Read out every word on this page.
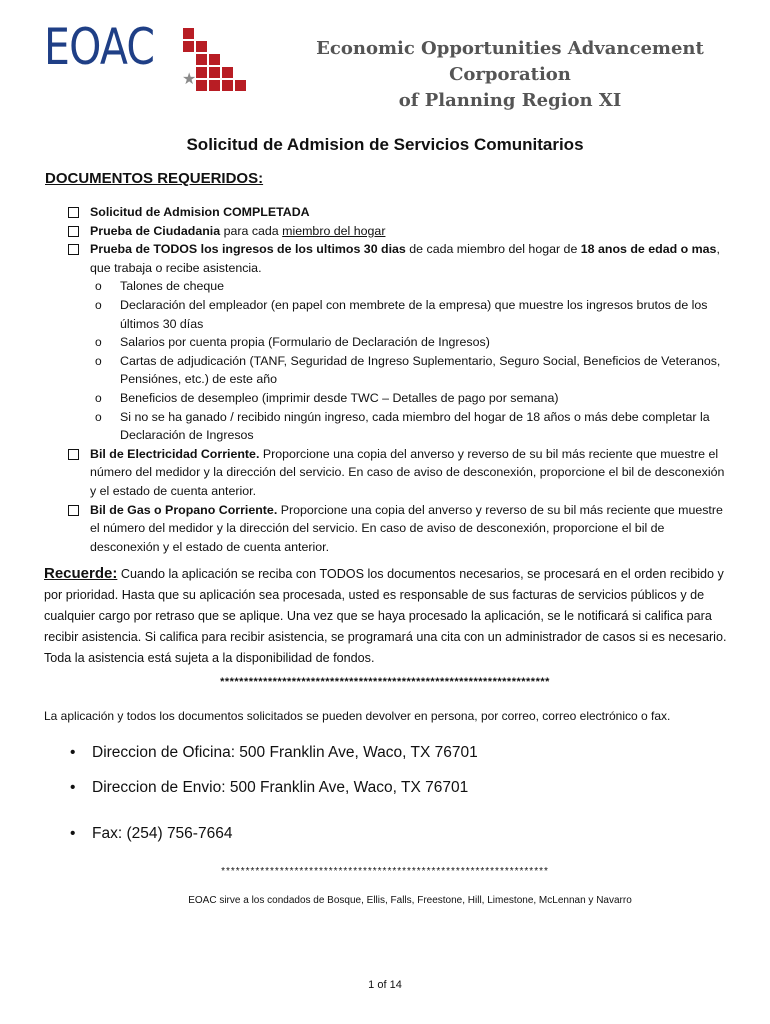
EOAC
★
Economic Opportunities Advancement Corporation
of Planning Region XI
Solicitud de Admision de Servicios Comunitarios
DOCUMENTOS REQUERIDOS:
Solicitud de Admision COMPLETADA
Prueba de Ciudadania para cada miembro del hogar
Prueba de TODOS los ingresos de los ultimos 30 dias de cada miembro del hogar de 18 anos de edad o mas, que trabaja o recibe asistencia.
o Talones de cheque
o Declaración del empleador (en papel con membrete de la empresa) que muestre los ingresos brutos de los últimos 30 días
o Salarios por cuenta propia (Formulario de Declaración de Ingresos)
o Cartas de adjudicación (TANF, Seguridad de Ingreso Suplementario, Seguro Social, Beneficios de Veteranos, Pensiónes, etc.) de este año
o Beneficios de desempleo (imprimir desde TWC – Detalles de pago por semana)
o Si no se ha ganado / recibido ningún ingreso, cada miembro del hogar de 18 años o más debe completar la Declaración de Ingresos
Bil de Electricidad Corriente. Proporcione una copia del anverso y reverso de su bil más reciente que muestre el número del medidor y la dirección del servicio. En caso de aviso de desconexión, proporcione el bil de desconexión y el estado de cuenta anterior.
Bil de Gas o Propano Corriente. Proporcione una copia del anverso y reverso de su bil más reciente que muestre el número del medidor y la dirección del servicio. En caso de aviso de desconexión, proporcione el bil de desconexión y el estado de cuenta anterior.
Recuerde: Cuando la aplicación se reciba con TODOS los documentos necesarios, se procesará en el orden recibido y por prioridad. Hasta que su aplicación sea procesada, usted es responsable de sus facturas de servicios públicos y de cualquier cargo por retraso que se aplique. Una vez que se haya procesado la aplicación, se le notificará si califica para recibir asistencia. Si califica para recibir asistencia, se programará una cita con un administrador de casos si es necesario. Toda la asistencia está sujeta a la disponibilidad de fondos.
*********************************************************************
La aplicación y todos los documentos solicitados se pueden devolver en persona, por correo, correo electrónico o fax.
• Direccion de Oficina: 500 Franklin Ave, Waco, TX 76701
• Direccion de Envio: 500 Franklin Ave, Waco, TX 76701
• Fax: (254) 756-7664
*******************************************************************
EOAC sirve a los condados de Bosque, Ellis, Falls, Freestone, Hill, Limestone, McLennan y Navarro
1 of 14
